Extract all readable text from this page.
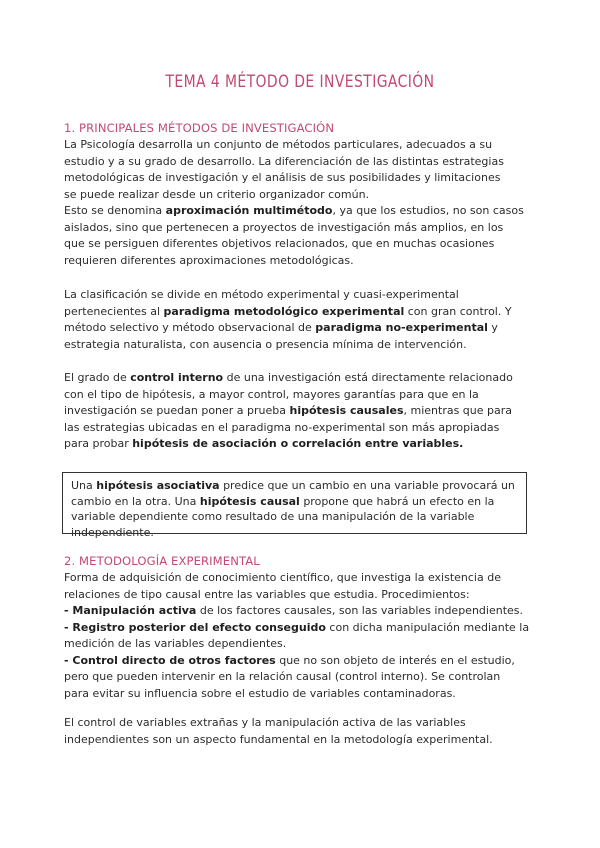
TEMA 4 MÉTODO DE INVESTIGACIÓN
1. PRINCIPALES MÉTODOS DE INVESTIGACIÓN

La Psicología desarrolla un conjunto de métodos particulares, adecuados a su

estudio y a su grado de desarrollo. La diferenciación de las distintas estrategias

metodológicas de investigación y el análisis de sus posibilidades y limitaciones

se puede realizar desde un criterio organizador común.

Esto se denomina aproximación multimétodo, ya que los estudios, no son casos

aislados, sino que pertenecen a proyectos de investigación más amplios, en los

que se persiguen diferentes objetivos relacionados, que en muchas ocasiones

requieren diferentes aproximaciones metodológicas.

La clasificación se divide en método experimental y cuasi-experimental

pertenecientes al paradigma metodológico experimental con gran control. Y

método selectivo y método observacional de paradigma no-experimental y

estrategia naturalista, con ausencia o presencia mínima de intervención.

El grado de control interno de una investigación está directamente relacionado

con el tipo de hipótesis, a mayor control, mayores garantías para que en la

investigación se puedan poner a prueba hipótesis causales, mientras que para

las estrategias ubicadas en el paradigma no-experimental son más apropiadas

para probar hipótesis de asociación o correlación entre variables.

Una hipótesis asociativa predice que un cambio en una variable provocará un

cambio en la otra. Una hipótesis causal propone que habrá un efecto en la

variable dependiente como resultado de una manipulación de la variable

independiente.

2. METODOLOGÍA EXPERIMENTAL

Forma de adquisición de conocimiento científico, que investiga la existencia de

relaciones de tipo causal entre las variables que estudia. Procedimientos:

- Manipulación activa de los factores causales, son las variables independientes.

- Registro posterior del efecto conseguido con dicha manipulación mediante la

medición de las variables dependientes.

- Control directo de otros factores que no son objeto de interés en el estudio,

pero que pueden intervenir en la relación causal (control interno). Se controlan

para evitar su influencia sobre el estudio de variables contaminadoras.

El control de variables extrañas y la manipulación activa de las variables

independientes son un aspecto fundamental en la metodología experimental.
